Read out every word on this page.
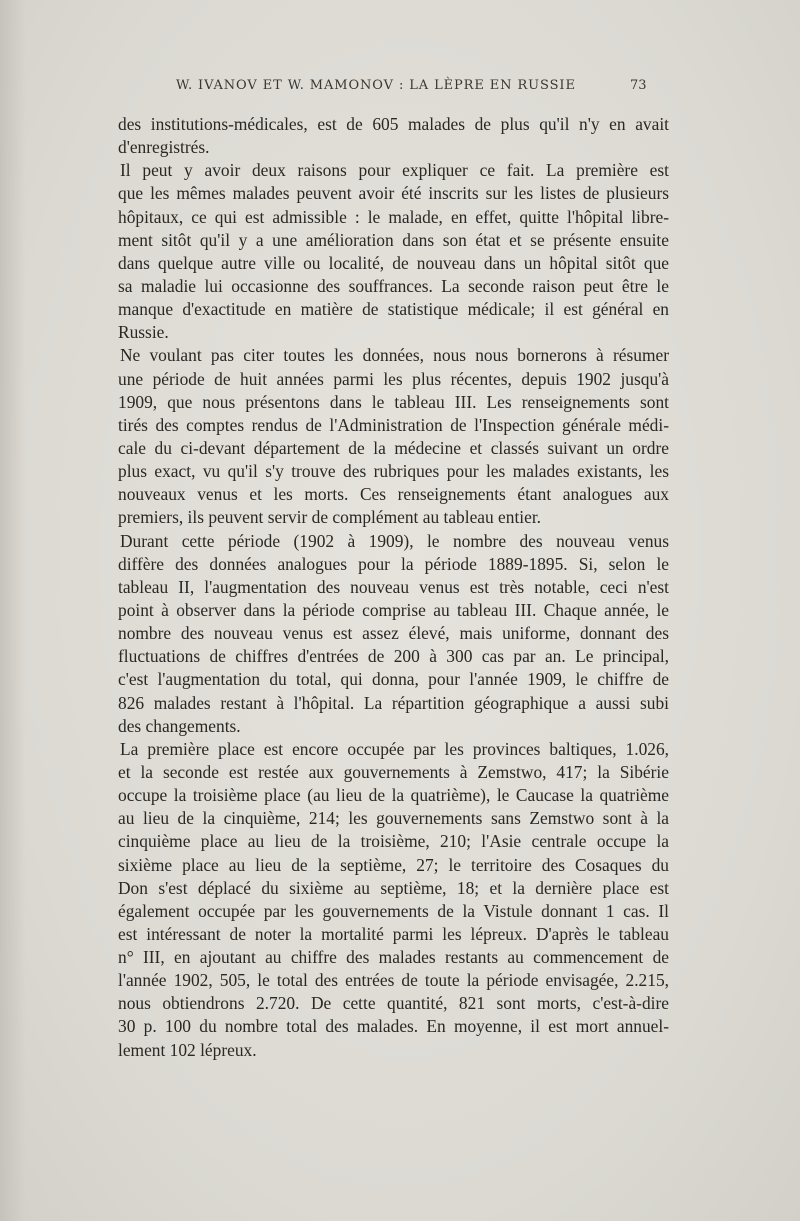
W. IVANOV ET W. MAMONOV : LA LÈPRE EN RUSSIE	73
des institutions-médicales, est de 605 malades de plus qu'il n'y en avait
d'enregistrés.
Il peut y avoir deux raisons pour expliquer ce fait. La première est
que les mêmes malades peuvent avoir été inscrits sur les listes de plusieurs
hôpitaux, ce qui est admissible : le malade, en effet, quitte l'hôpital libre-
ment sitôt qu'il y a une amélioration dans son état et se présente ensuite
dans quelque autre ville ou localité, de nouveau dans un hôpital sitôt que
sa maladie lui occasionne des souffrances. La seconde raison peut être le
manque d'exactitude en matière de statistique médicale; il est général en
Russie.
Ne voulant pas citer toutes les données, nous nous bornerons à résumer
une période de huit années parmi les plus récentes, depuis 1902 jusqu'à
1909, que nous présentons dans le tableau III. Les renseignements sont
tirés des comptes rendus de l'Administration de l'Inspection générale médi-
cale du ci-devant département de la médecine et classés suivant un ordre
plus exact, vu qu'il s'y trouve des rubriques pour les malades existants, les
nouveaux venus et les morts. Ces renseignements étant analogues aux
premiers, ils peuvent servir de complément au tableau entier.
Durant cette période (1902 à 1909), le nombre des nouveau venus
diffère des données analogues pour la période 1889-1895. Si, selon le
tableau II, l'augmentation des nouveau venus est très notable, ceci n'est
point à observer dans la période comprise au tableau III. Chaque année, le
nombre des nouveau venus est assez élevé, mais uniforme, donnant des
fluctuations de chiffres d'entrées de 200 à 300 cas par an. Le principal,
c'est l'augmentation du total, qui donna, pour l'année 1909, le chiffre de
826 malades restant à l'hôpital. La répartition géographique a aussi subi
des changements.
La première place est encore occupée par les provinces baltiques, 1.026,
et la seconde est restée aux gouvernements à Zemstwo, 417; la Sibérie
occupe la troisième place (au lieu de la quatrième), le Caucase la quatrième
au lieu de la cinquième, 214; les gouvernements sans Zemstwo sont à la
cinquième place au lieu de la troisième, 210; l'Asie centrale occupe la
sixième place au lieu de la septième, 27; le territoire des Cosaques du
Don s'est déplacé du sixième au septième, 18; et la dernière place est
également occupée par les gouvernements de la Vistule donnant 1 cas. Il
est intéressant de noter la mortalité parmi les lépreux. D'après le tableau
n° III, en ajoutant au chiffre des malades restants au commencement de
l'année 1902, 505, le total des entrées de toute la période envisagée, 2.215,
nous obtiendrons 2.720. De cette quantité, 821 sont morts, c'est-à-dire
30 p. 100 du nombre total des malades. En moyenne, il est mort annuel-
lement 102 lépreux.
